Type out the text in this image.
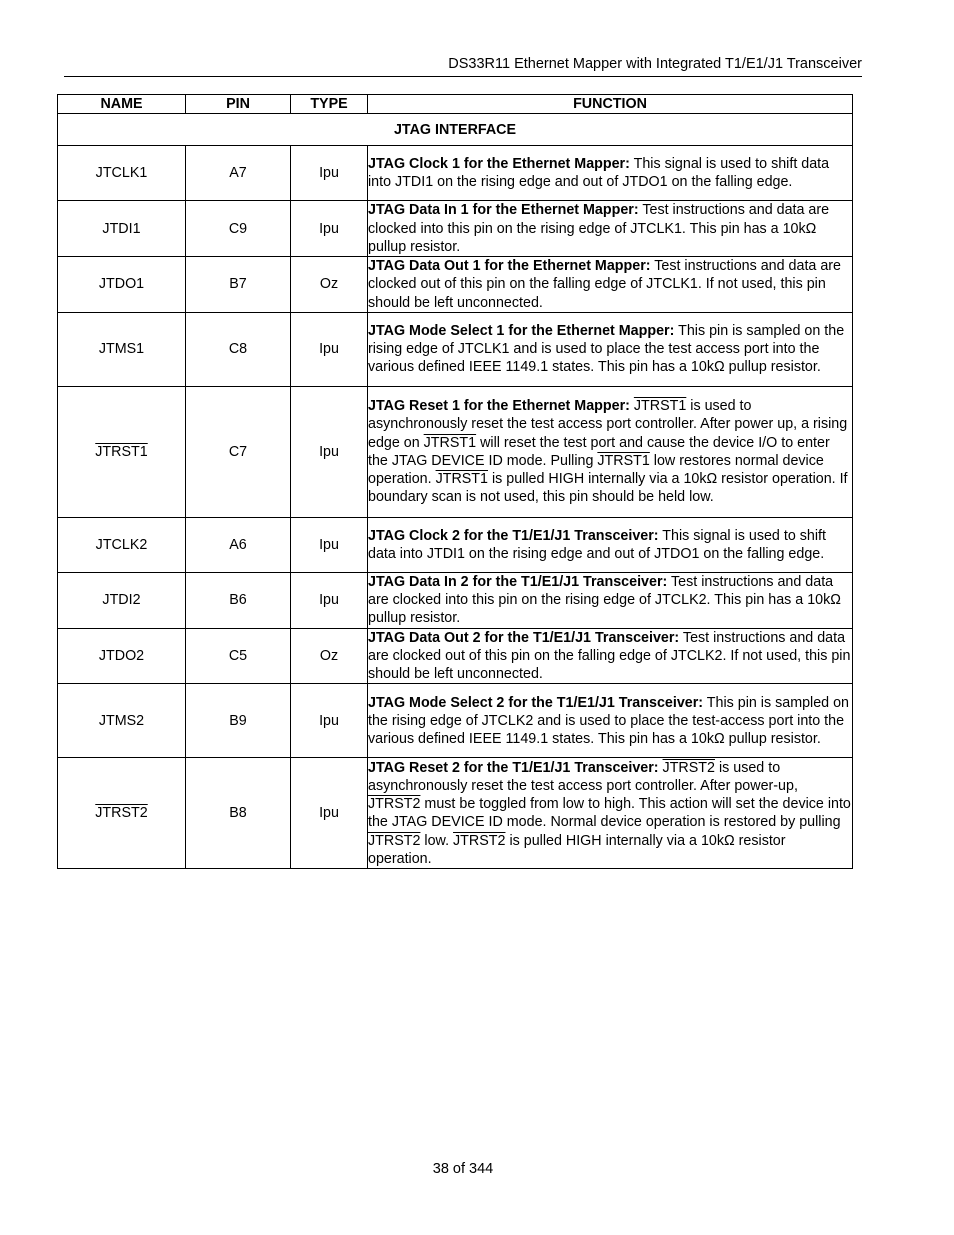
DS33R11 Ethernet Mapper with Integrated T1/E1/J1 Transceiver
NAME	PIN	TYPE	FUNCTION
JTAG INTERFACE			
JTCLK1	A7	Ipu	JTAG Clock 1 for the Ethernet Mapper: This signal is used to shift data into JTDI1 on the rising edge and out of JTDO1 on the falling edge.
JTDI1	C9	Ipu	JTAG Data In 1 for the Ethernet Mapper: Test instructions and data are clocked into this pin on the rising edge of JTCLK1. This pin has a 10kΩ pullup resistor.
JTDO1	B7	Oz	JTAG Data Out 1 for the Ethernet Mapper: Test instructions and data are clocked out of this pin on the falling edge of JTCLK1. If not used, this pin should be left unconnected.
JTMS1	C8	Ipu	JTAG Mode Select 1 for the Ethernet Mapper: This pin is sampled on the rising edge of JTCLK1 and is used to place the test access port into the various defined IEEE 1149.1 states. This pin has a 10kΩ pullup resistor.
JTRST1	C7	Ipu	JTAG Reset 1 for the Ethernet Mapper: JTRST1 is used to asynchronously reset the test access port controller. After power up, a rising edge on JTRST1 will reset the test port and cause the device I/O to enter the JTAG DEVICE ID mode. Pulling JTRST1 low restores normal device operation. JTRST1 is pulled HIGH internally via a 10kΩ resistor operation. If boundary scan is not used, this pin should be held low.
JTCLK2	A6	Ipu	JTAG Clock 2 for the T1/E1/J1 Transceiver: This signal is used to shift data into JTDI1 on the rising edge and out of JTDO1 on the falling edge.
JTDI2	B6	Ipu	JTAG Data In 2 for the T1/E1/J1 Transceiver: Test instructions and data are clocked into this pin on the rising edge of JTCLK2. This pin has a 10kΩ pullup resistor.
JTDO2	C5	Oz	JTAG Data Out 2 for the T1/E1/J1 Transceiver: Test instructions and data are clocked out of this pin on the falling edge of JTCLK2. If not used, this pin should be left unconnected.
JTMS2	B9	Ipu	JTAG Mode Select 2 for the T1/E1/J1 Transceiver: This pin is sampled on the rising edge of JTCLK2 and is used to place the test-access port into the various defined IEEE 1149.1 states. This pin has a 10kΩ pullup resistor.
JTRST2	B8	Ipu	JTAG Reset 2 for the T1/E1/J1 Transceiver: JTRST2 is used to asynchronously reset the test access port controller. After power-up, JTRST2 must be toggled from low to high. This action will set the device into the JTAG DEVICE ID mode. Normal device operation is restored by pulling JTRST2 low. JTRST2 is pulled HIGH internally via a 10kΩ resistor operation.
38 of 344
